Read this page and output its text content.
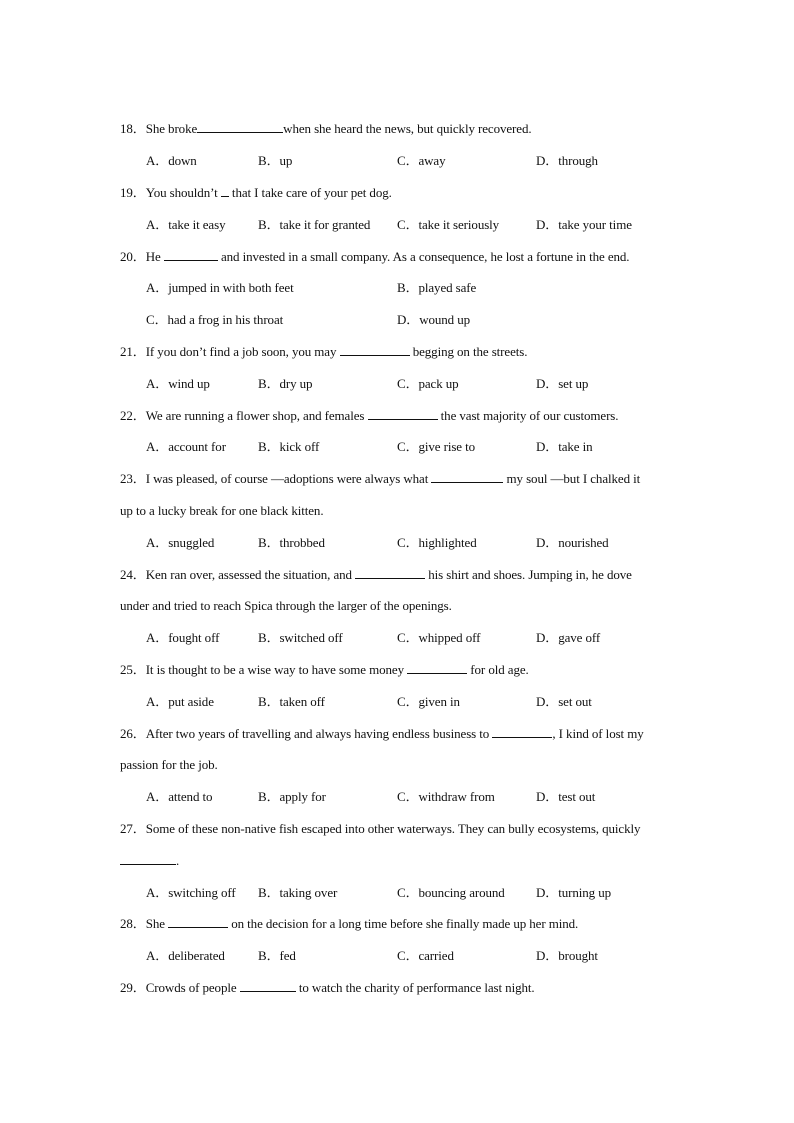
18．She broke	when she heard the news, but quickly recovered.
A．down	B．up	C．away	D．through
19．You shouldn’t  that I take care of your pet dog.
A．take it easy	B．take it for granted C．take it seriously	D．take your time
20．He	and invested in a small company. As a consequence, he lost a fortune in the end.
A．jumped in with both feet	B．played safe
C．had a frog in his throat	D．wound up
21．If you don’t find a job soon, you may	begging on the streets.
A．wind up	B．dry up	C．pack up	D．set up
22．We are running a flower shop, and females	the vast majority of our customers.
A．account for B．kick off	C．give rise to	D．take in
23．I was pleased, of course —adoptions were always what	my soul —but I chalked it
up to a lucky break for one black kitten.
A．snuggled	B．throbbed	C．highlighted	D．nourished
24．Ken ran over, assessed the situation, and	his shirt and shoes. Jumping in, he dove
under and tried to reach Spica through the larger of the openings.
A．fought off	B．switched off	C．whipped off	D．gave off
25．It is thought to be a wise way to have some money	for old age.
A．put aside	B．taken off	C．given in	D．set out
26．After two years of travelling and always having endless business to	, I kind of lost my
passion for the job.
A．attend to	B．apply for	C．withdraw from	D．test out
27．Some of these non-native fish escaped into other waterways. They can bully ecosystems, quickly
.
A．switching off B．taking over	C．bouncing around D．turning up
28．She	on the decision for a long time before she finally made up her mind.
A．deliberated	B．fed	C．carried	D．brought
29．Crowds of people	to watch the charity of performance last night.
